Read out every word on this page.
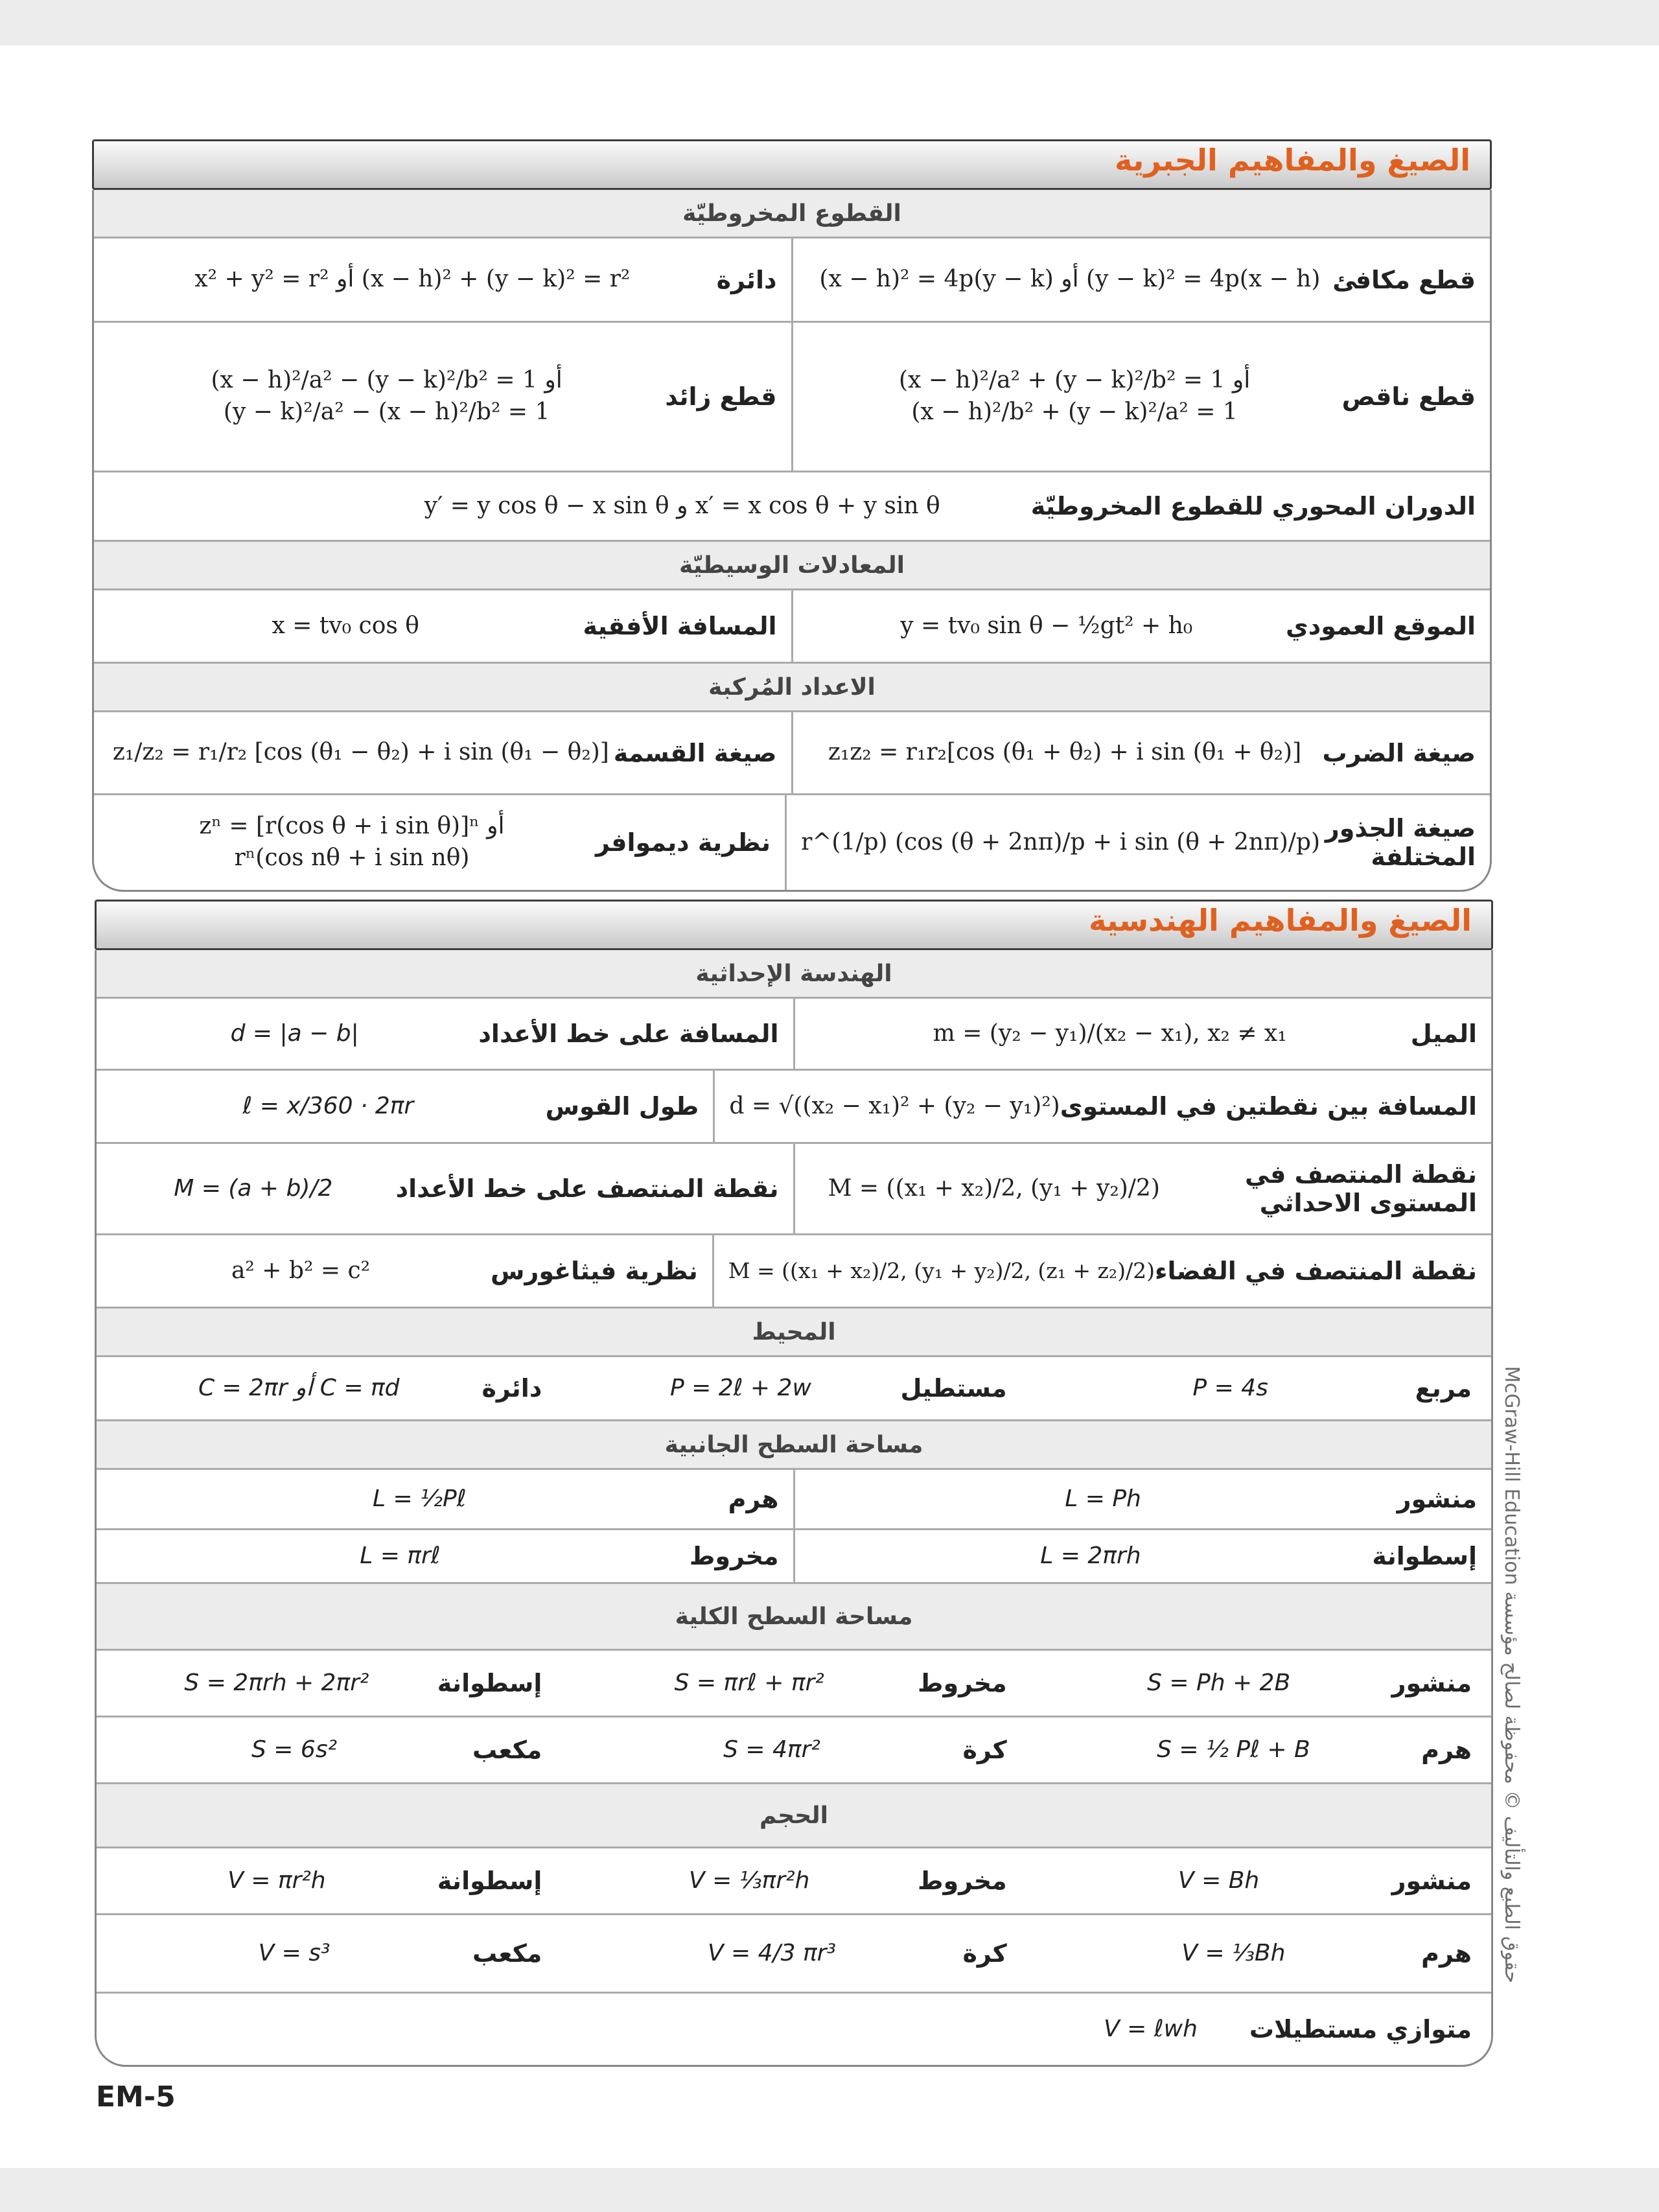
الصيغ والمفاهيم الجبرية
القطوع المخروطيّة
قطع مكافئ
(x − h)² = 4p(y − k) أو (y − k)² = 4p(x − h)
دائرة
x² + y² = r² أو (x − h)² + (y − k)² = r²
قطع ناقص
(x − h)²/a² + (y − k)²/b² = 1 أو
(x − h)²/b² + (y − k)²/a² = 1
قطع زائد
(x − h)²/a² − (y − k)²/b² = 1 أو
(y − k)²/a² − (x − h)²/b² = 1
الدوران المحوري للقطوع المخروطيّة
y′ = y cos θ − x sin θ و x′ = x cos θ + y sin θ
المعادلات الوسيطيّة
الموقع العمودي
y = tv₀ sin θ − ½gt² + h₀
المسافة الأفقية
x = tv₀ cos θ
الاعداد المُركبة
صيغة الضرب
z₁z₂ = r₁r₂[cos (θ₁ + θ₂) + i sin (θ₁ + θ₂)]
صيغة القسمة
z₁/z₂ = r₁/r₂ [cos (θ₁ − θ₂) + i sin (θ₁ − θ₂)]
صيغة الجذور المختلفة
r^(1/p) (cos (θ + 2nπ)/p + i sin (θ + 2nπ)/p)
نظرية ديموافر
zⁿ = [r(cos θ + i sin θ)]ⁿ أو
rⁿ(cos nθ + i sin nθ)
الصيغ والمفاهيم الهندسية
الهندسة الإحداثية
الميل
m = (y₂ − y₁)/(x₂ − x₁), x₂ ≠ x₁
المسافة على خط الأعداد
d = |a − b|
المسافة بين نقطتين في المستوى
d = √((x₂ − x₁)² + (y₂ − y₁)²)
طول القوس
ℓ = x/360 · 2πr
نقطة المنتصف في المستوى الاحداثي
M = ((x₁ + x₂)/2, (y₁ + y₂)/2)
نقطة المنتصف على خط الأعداد
M = (a + b)/2
نقطة المنتصف في الفضاء
M = ((x₁ + x₂)/2, (y₁ + y₂)/2, (z₁ + z₂)/2)
نظرية فيثاغورس
a² + b² = c²
المحيط
مربع
P = 4s
مستطيل
P = 2ℓ + 2w
دائرة
C = 2πr أو C = πd
مساحة السطح الجانبية
منشور
L = Ph
هرم
L = ½Pℓ
إسطوانة
L = 2πrh
مخروط
L = πrℓ
مساحة السطح الكلية
منشور
S = Ph + 2B
مخروط
S = πrℓ + πr²
إسطوانة
S = 2πrh + 2πr²
هرم
S = ½ Pℓ + B
كرة
S = 4πr²
مكعب
S = 6s²
الحجم
منشور
V = Bh
مخروط
V = ⅓πr²h
إسطوانة
V = πr²h
هرم
V = ⅓Bh
كرة
V = 4/3 πr³
مكعب
V = s³
متوازي مستطيلات
V = ℓwh
حقوق الطبع والتأليف © محفوظة لصالح مؤسسة McGraw-Hill Education
EM-5
